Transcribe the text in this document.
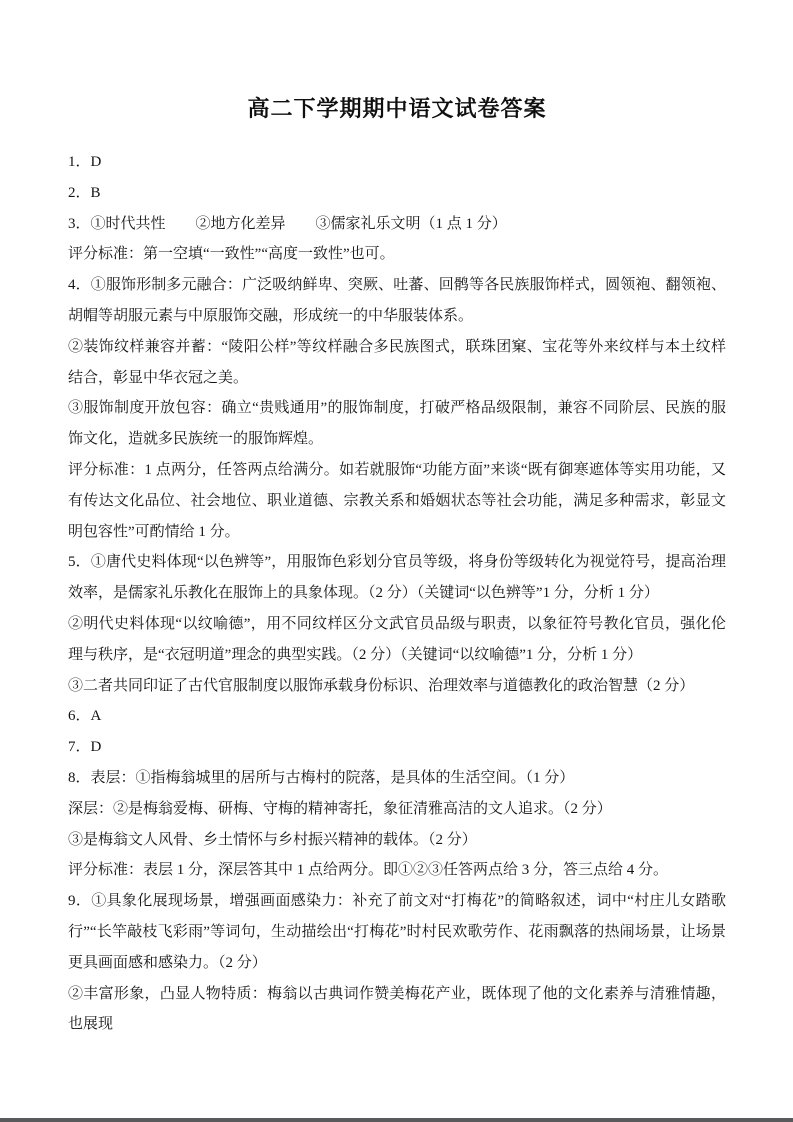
高二下学期期中语文试卷答案

1．D

2．B

3．①时代共性　　②地方化差异　　③儒家礼乐文明（1 点 1 分）

评分标准：第一空填“一致性”“高度一致性”也可。

4．①服饰形制多元融合：广泛吸纳鲜卑、突厥、吐蕃、回鹘等各民族服饰样式，圆领袍、翻领袍、胡帽等胡服元素与中原服饰交融，形成统一的中华服装体系。

②装饰纹样兼容并蓄：“陵阳公样”等纹样融合多民族图式，联珠团窠、宝花等外来纹样与本土纹样结合，彰显中华衣冠之美。

③服饰制度开放包容：确立“贵贱通用”的服饰制度，打破严格品级限制，兼容不同阶层、民族的服饰文化，造就多民族统一的服饰辉煌。

评分标准：1 点两分，任答两点给满分。如若就服饰“功能方面”来谈“既有御寒遮体等实用功能，又有传达文化品位、社会地位、职业道德、宗教关系和婚姻状态等社会功能，满足多种需求，彰显文明包容性”可酌情给 1 分。

5．①唐代史料体现“以色辨等”，用服饰色彩划分官员等级，将身份等级转化为视觉符号，提高治理效率，是儒家礼乐教化在服饰上的具象体现。（2 分）（关键词“以色辨等”1 分，分析 1 分）

②明代史料体现“以纹喻德”，用不同纹样区分文武官员品级与职责，以象征符号教化官员，强化伦理与秩序，是“衣冠明道”理念的典型实践。（2 分）（关键词“以纹喻德”1 分，分析 1 分）

③二者共同印证了古代官服制度以服饰承载身份标识、治理效率与道德教化的政治智慧（2 分）

6．A

7．D

8．表层：①指梅翁城里的居所与古梅村的院落，是具体的生活空间。（1 分）

深层：②是梅翁爱梅、研梅、守梅的精神寄托，象征清雅高洁的文人追求。（2 分）

③是梅翁文人风骨、乡土情怀与乡村振兴精神的载体。（2 分）

评分标准：表层 1 分，深层答其中 1 点给两分。即①②③任答两点给 3 分，答三点给 4 分。

9．①具象化展现场景，增强画面感染力：补充了前文对“打梅花”的简略叙述，词中“村庄儿女踏歌行”“长竿敲枝飞彩雨”等词句，生动描绘出“打梅花”时村民欢歌劳作、花雨飘落的热闹场景，让场景更具画面感和感染力。（2 分）

②丰富形象，凸显人物特质：梅翁以古典词作赞美梅花产业，既体现了他的文化素养与清雅情趣，也展现
